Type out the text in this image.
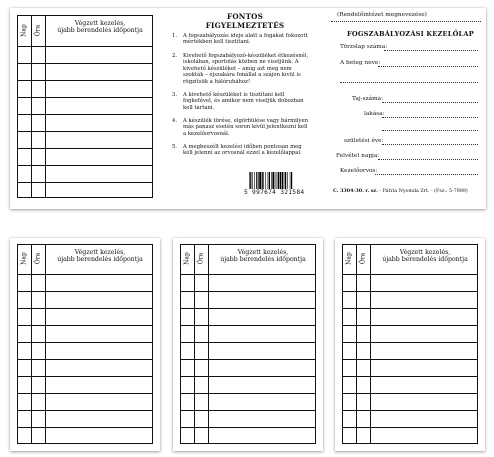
Nap Óra
Végzett kezelés,
újabb berendelés időpontja
FONTOS FIGYELMEZTETÉS
1. A fogszabályozás ideje alatt a fogakat fokozott mértékben kell tisztítani.
2. Kivehető fogszabályozó-készüléket étkezésnél, iskolában, sportolás közben ne viseljünk. A kivehető készüléket – amíg azt meg nem szokták – éjszakára fonállal a szájon kívül is rögzítsük a hálóruhához!
3. A kivehető készüléket is tisztítani kell fogkefével, és amikor nem viseljük dobozban kell tartani.
4. A készülék törése, elgörbülése vagy bármilyen más panasz esetén soron kívül jelentkezni kell a kezelőorvosnál.
5. A megbeszélt kezelési időben pontosan meg kell jelenni az orvosnál ezzel a kezelőlappal.
5 997674 321584
(Rendelőintézet megnevezése)
FOGSZABÁLYOZÁSI KEZELŐLAP
Törzslap száma:
A beteg neve:
Taj-száma:
lakása:
születési éve:
Felvétel napja:
Kezelőorvos:
C. 3304-30. r. sz. - Pátria Nyomda Zrt. - (Fsz.: 5-7989)
Nap Óra
Végzett kezelés,
újabb berendelés időpontja	Nap Óra
Végzett kezelés,
újabb berendelés időpontja	Nap Óra
Végzett kezelés,
újabb berendelés időpontja
